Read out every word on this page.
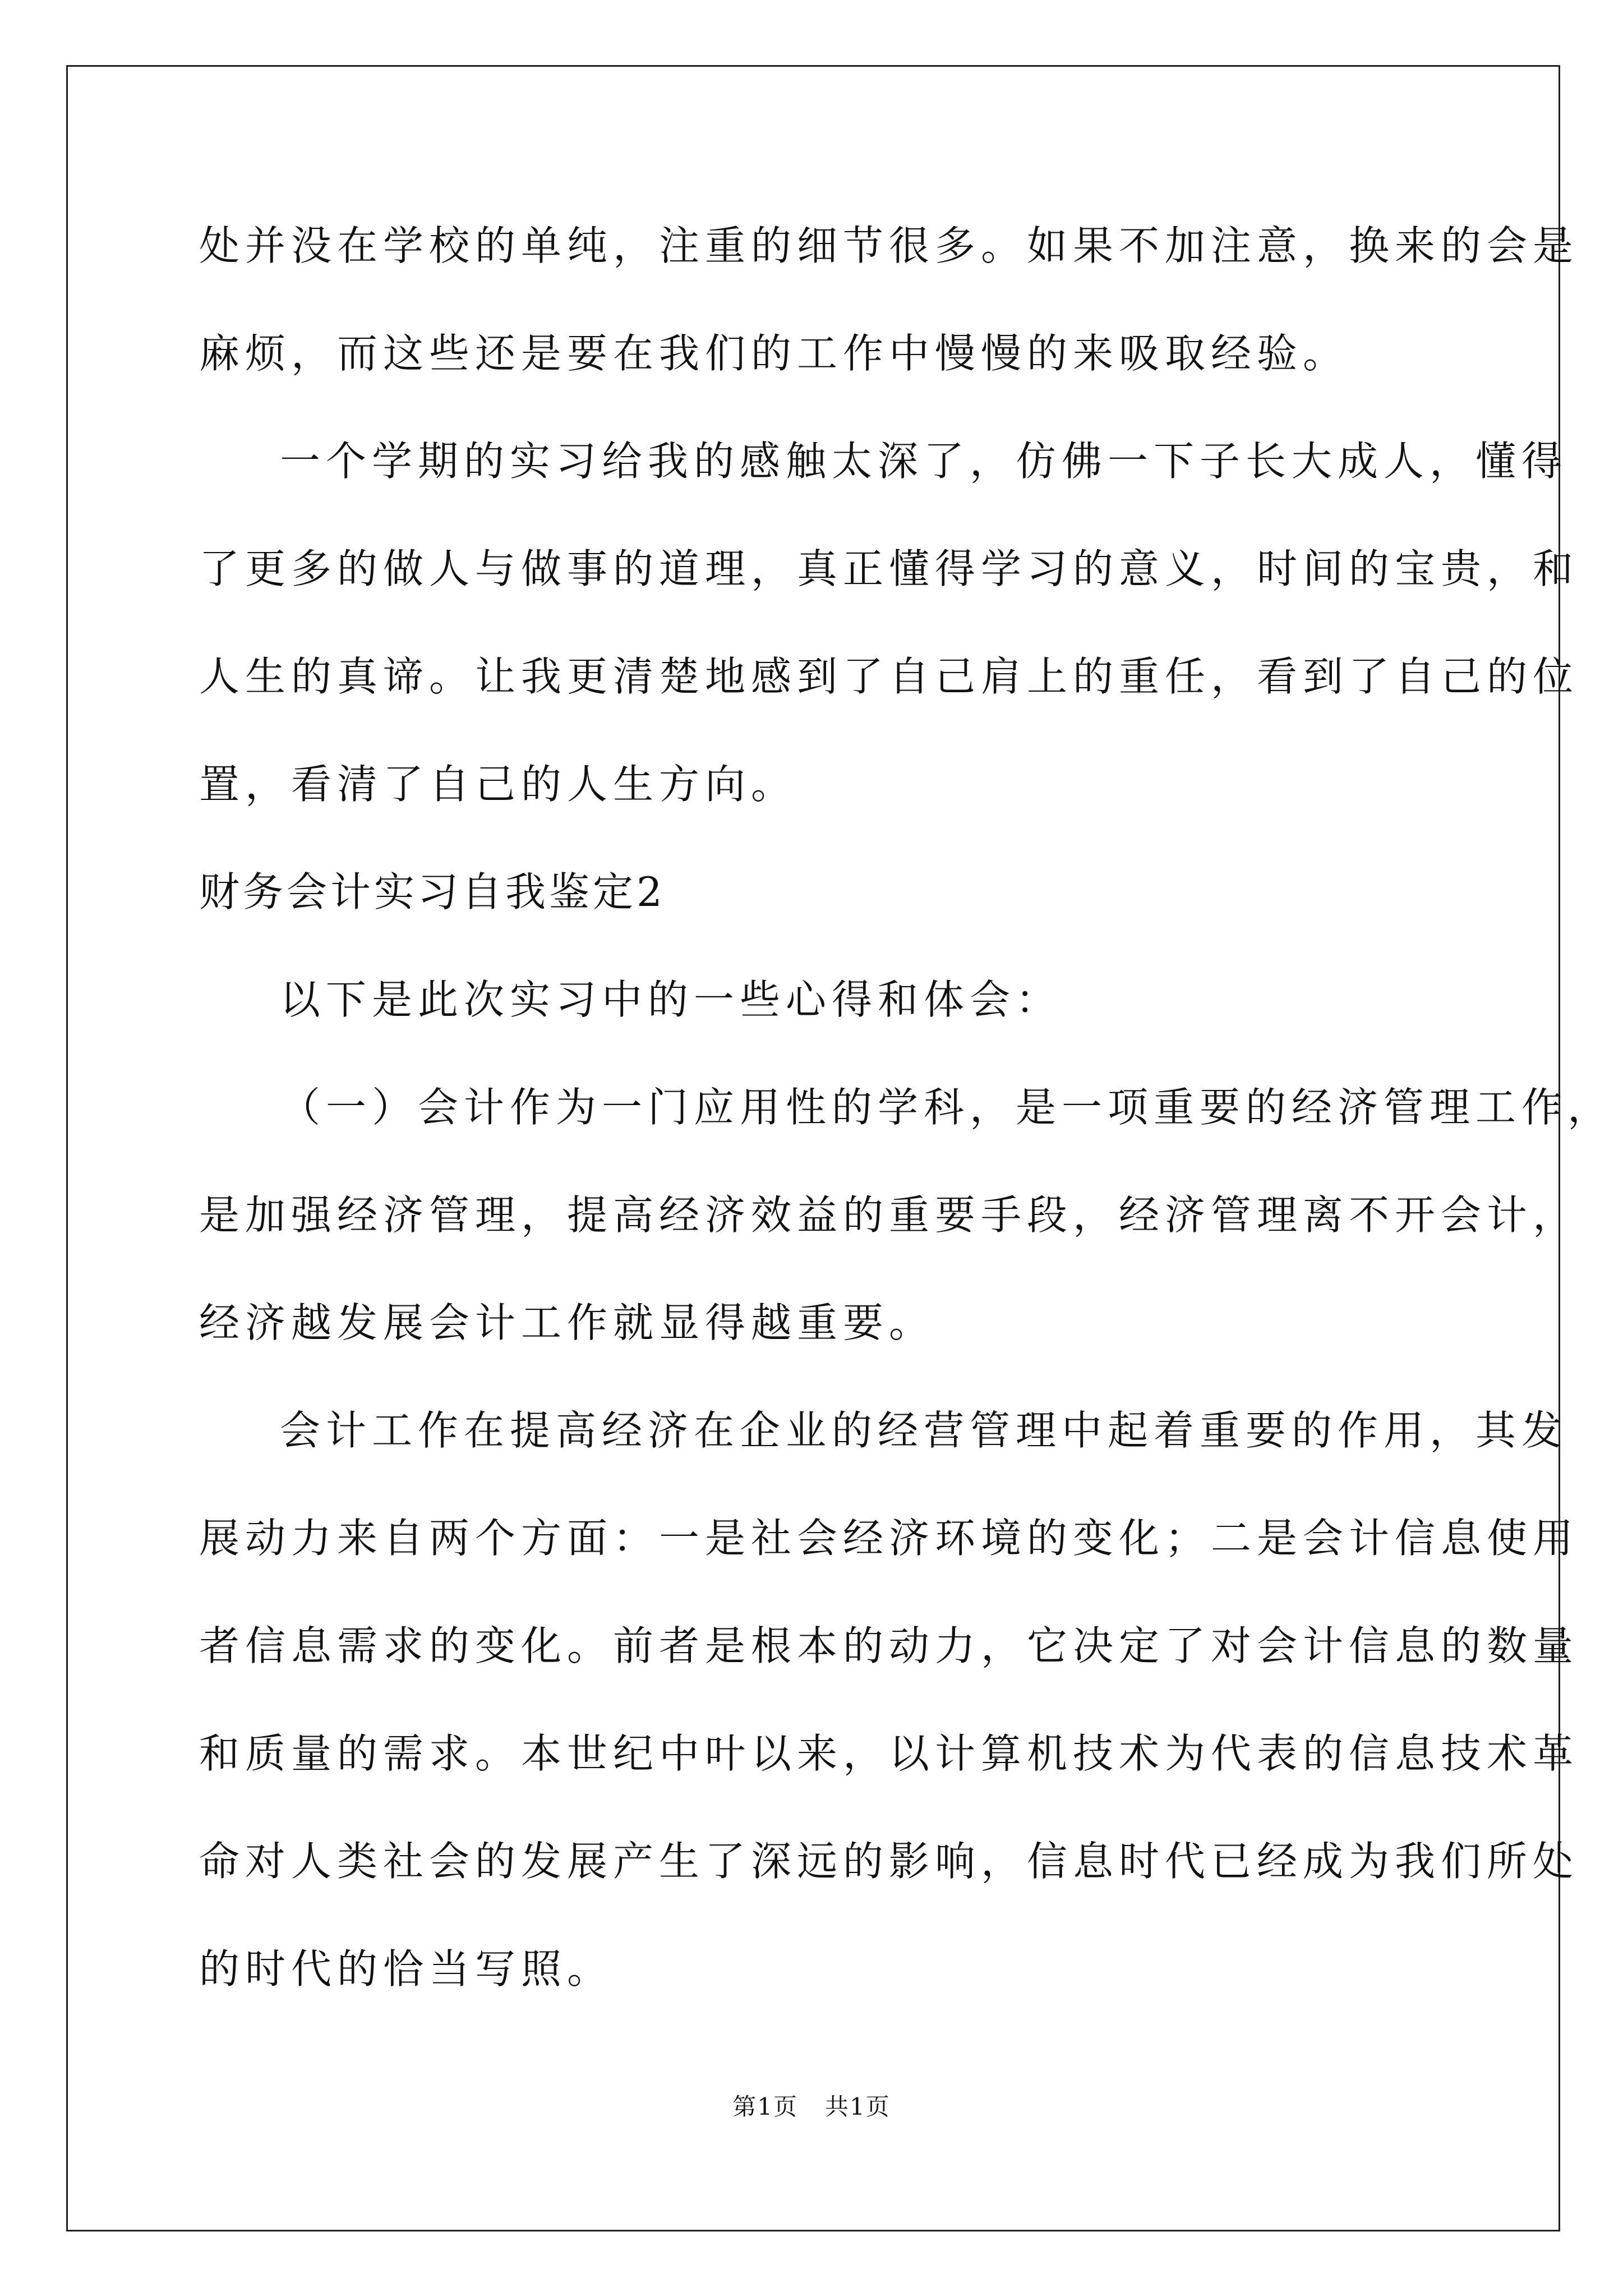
处并没在学校的单纯，注重的细节很多。如果不加注意，换来的会是
麻烦，而这些还是要在我们的工作中慢慢的来吸取经验。
一个学期的实习给我的感触太深了，仿佛一下子长大成人，懂得
了更多的做人与做事的道理，真正懂得学习的意义，时间的宝贵，和
人生的真谛。让我更清楚地感到了自己肩上的重任，看到了自己的位
置，看清了自己的人生方向。
财务会计实习自我鉴定2
以下是此次实习中的一些心得和体会：
（一）会计作为一门应用性的学科，是一项重要的经济管理工作，
是加强经济管理，提高经济效益的重要手段，经济管理离不开会计，
经济越发展会计工作就显得越重要。
会计工作在提高经济在企业的经营管理中起着重要的作用，其发
展动力来自两个方面：一是社会经济环境的变化；二是会计信息使用
者信息需求的变化。前者是根本的动力，它决定了对会计信息的数量
和质量的需求。本世纪中叶以来，以计算机技术为代表的信息技术革
命对人类社会的发展产生了深远的影响，信息时代已经成为我们所处
的时代的恰当写照。
第1页 共1页
